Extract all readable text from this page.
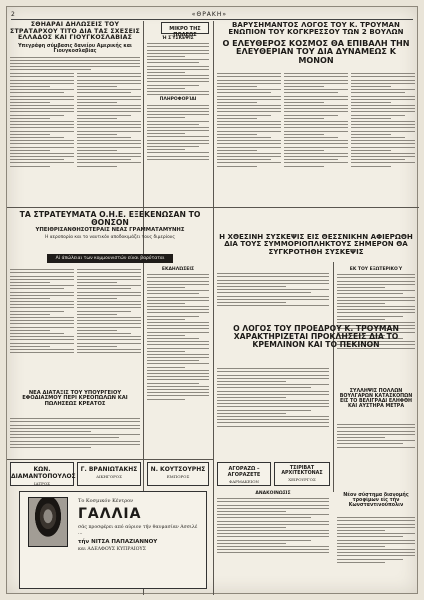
2	«ΘΡΑΚΗ»
ΣΘΗΑΡΑΙ ΔΗΛΩΣΕΙΣ ΤΟΥ ΣΤΡΑΤΑΡΧΟΥ ΤΙΤΟ ΔΙΑ ΤΑΣ ΣΧΕΣΕΙΣ ΕΛΛΑΔΟΣ ΚΑΙ ΓΙΟΥΓΚΟΣΛΑΒΙΑΣ
Υπεγράφη σύμβασις δανείου Αμερικής και Γιουγκοσλαβίας
ΜΙΚΡΟ ΤΗΣ ΠΟΛΕΩΣ
Ἡ ΣΎΣΚΕΨΙΣ
ΠΛΗΡΟΦΟΡΊΑΙ
ΒΑΡΥΣΗΜΑΝΤΟΣ ΛΟΓΟΣ ΤΟΥ Κ. ΤΡΟΥΜΑΝ ΕΝΩΠΙΟΝ ΤΟΥ ΚΟΓΚΡΕΣΣΟΥ ΤΩΝ 2 ΒΟΥΛΩΝ
Ο ΕΛΕΥΘΕΡΟΣ ΚΟΣΜΟΣ ΘΑ ΕΠΙΒΑΛΗ ΤΗΝ ΕΛΕΥΘΕΡΙΑΝ ΤΟΥ ΔΙΑ ΔΥΝΑΜΕΩΣ Κ ΜΟΝΟΝ
ΤΑ ΣΤΡΑΤΕΥΜΑΤΑ Ο.Η.Ε. ΕΞΕΚΕΝΩΣΑΝ ΤΟ ΘΟΝΣΟΝ
ΥΠΕΙΘΡΙΣΑΝΘΗΣΟΤΕΡΑΙΣ ΝΕΑΣ ΓΡΑΜΜΑΤΑΜΥΝΗΣ
Η αεροπορία και το ναυτικόν αποδοκιμάζει τους διμερίους
Αί άπώλειαι των κομμουνιστών είναι βαρύταται
ΕΚΔΗΛΏΣΕΙΣ
ΝΕΑ ΔΙΑΤΑΞΙΣ ΤΟΥ ΥΠΟΥΡΓΕΙΟΥ ΕΦΟΔΙΑΣΜΟΥ ΠΕΡΙ ΚΡΕΟΠΩΛΩΝ ΚΑΙ ΠΩΛΗΣΕΩΣ ΚΡΕΑΤΟΣ
Η ΧΘΕΣΙΝΗ ΣΥΣΚΕΨΙΣ ΕΙΣ ΘΕΣΣΝΙΚΗΝ ΑΦΙΕΡΩΘΗ ΔΙΑ ΤΟΥΣ ΣΥΜΜΟΡΙΟΠΛΗΚΤΟΥΣ ΣΗΜΕΡΟΝ ΘΑ ΣΥΓΚΡΟΤΗΘΗ ΣΥΣΚΕΨΙΣ
ΕΚ ΤΟΥ ΕΞΩΤΕΡΙΚΟΎ
Ο ΛΟΓΟΣ ΤΟΥ ΠΡΟΕΔΡΟΥ Κ. ΤΡΟΥΜΑΝ ΧΑΡΑΚΤΗΡΙΖΕΤΑΙ ΠΡΟΚΛΗΣΕΙΣ ΔΙΑ ΤΟ ΚΡΕΜΛΙΝΟΝ ΚΑΙ ΤΟ ΠΕΚΙΝΟΝ
ΣΥΛΛΗΨΙΣ ΠΟΛΛΩΝ ΒΟΥΛΓΑΡΩΝ ΚΑΤΑΣΚΟΠΩΝ ΕΙΣ ΤΟ ΒΕΛΙΓΡΑΔΙ ΕΛΗΦΘΗ ΚΑΙ ΑΥΣΤΗΡΑ ΜΕΤΡΑ
ΚΩΝ. ΔΙΑΜΑΝΤΟΠΟΥΛΟΣ
ΙΑΤΡΟΣ
Γ. ΒΡΑΝΙΩΤΑΚΗΣ
ΔΙΚΗΓΟΡΟΣ
Ν. ΚΟΥΤΣΟΥΡΗΣ
ΕΜΠΟΡΟΣ
ΑΓΟΡΑΖΩ – ΑΓΟΡΑΖΕΤΕ
ΦΑΡΜΑΚΕΙΟΝ
ΤΣΙΡΙΒΑΤ ΑΡΧΙΤΕΚΤΟΝΑΣ
ΧΕΙΡΟΥΡΓΟΣ
Το Κοσμικόν Κέντρον
ΓΑΛΛΙΑ
σάς προσφέρει από αύριον τήν θαυμασίαν Ασσιλέ ...
τήν ΝΙΤΣΑ ΠΑΠΑΖΙΑΝΝΟΥ
και ΑΔΕΛΦΟΥΣ ΚΥΠΡΑΙΟΥΣ
ΑΝΑΚΟΙΝΩΣΙΣ	Νέον σύστημα διανομής τροφίμων είς τήν Κωνσταντινούπολιν
